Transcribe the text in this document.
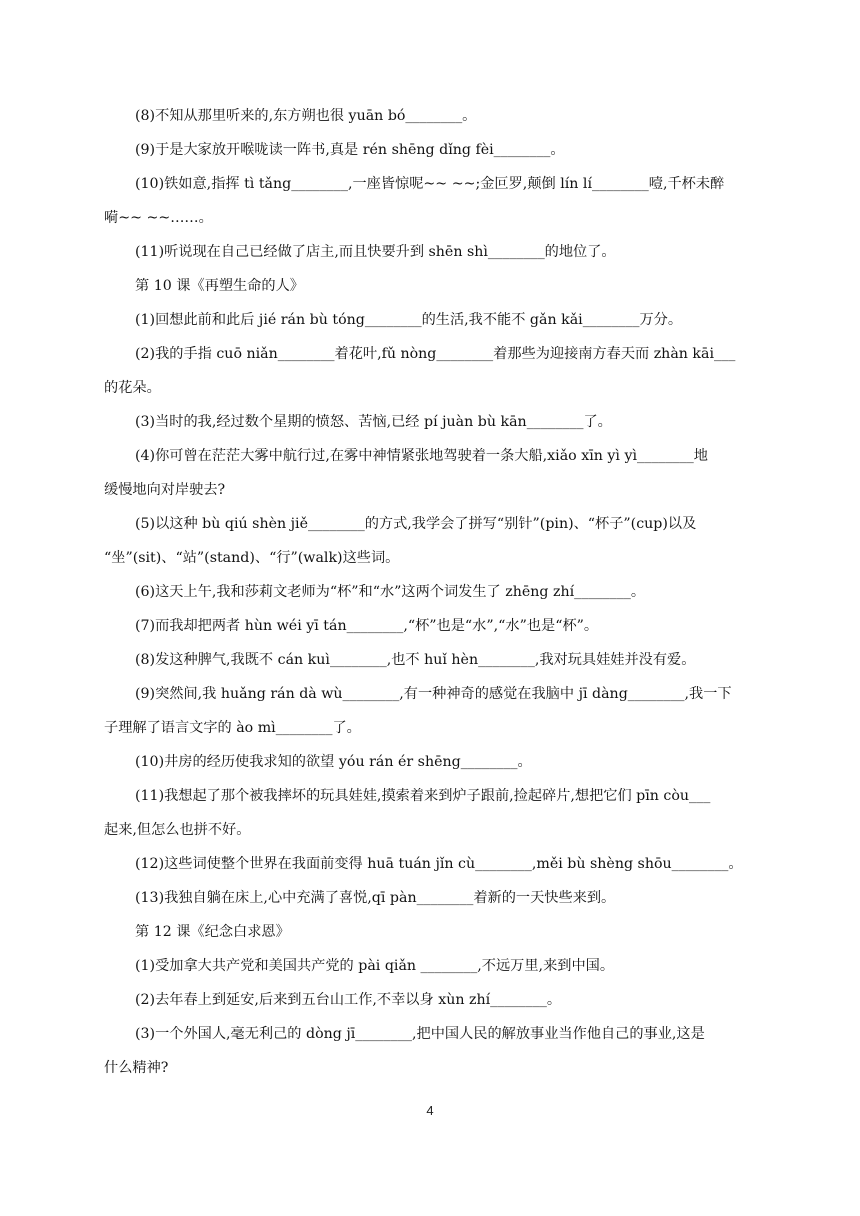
(8)不知从那里听来的,东方朔也很 yuān bó________。
(9)于是大家放开喉咙读一阵书,真是 rén shēng dǐng fèi________。
(10)铁如意,指挥 tì tǎng________,一座皆惊呢~~ ~~;金叵罗,颠倒 lín lí________噎,千杯未醉
嗬~~ ~~……。
(11)听说现在自己已经做了店主,而且快要升到 shēn shì________的地位了。
第 10 课《再塑生命的人》
(1)回想此前和此后 jié rán bù tóng________的生活,我不能不 gǎn kǎi________万分。
(2)我的手指 cuō niǎn________着花叶,fǔ nòng________着那些为迎接南方春天而 zhàn kāi___
的花朵。
(3)当时的我,经过数个星期的愤怒、苦恼,已经 pí juàn bù kān________了。
(4)你可曾在茫茫大雾中航行过,在雾中神情紧张地驾驶着一条大船,xiǎo xīn yì yì________地
缓慢地向对岸驶去?
(5)以这种 bù qiú shèn jiě________的方式,我学会了拼写“别针”(pin)、“杯子”(cup)以及
“坐”(sit)、“站”(stand)、“行”(walk)这些词。
(6)这天上午,我和莎莉文老师为“杯”和“水”这两个词发生了 zhēng zhí________。
(7)而我却把两者 hùn wéi yī tán________,“杯”也是“水”,“水”也是“杯”。
(8)发这种脾气,我既不 cán kuì________,也不 huǐ hèn________,我对玩具娃娃并没有爱。
(9)突然间,我 huǎng rán dà wù________,有一种神奇的感觉在我脑中 jī dàng________,我一下
子理解了语言文字的 ào mì________了。
(10)井房的经历使我求知的欲望 yóu rán ér shēng________。
(11)我想起了那个被我摔坏的玩具娃娃,摸索着来到炉子跟前,捡起碎片,想把它们 pīn còu___
起来,但怎么也拼不好。
(12)这些词使整个世界在我面前变得 huā tuán jǐn cù________,měi bù shèng shōu________。
(13)我独自躺在床上,心中充满了喜悦,qī pàn________着新的一天快些来到。
第 12 课《纪念白求恩》
(1)受加拿大共产党和美国共产党的 pài qiǎn ________,不远万里,来到中国。
(2)去年春上到延安,后来到五台山工作,不幸以身 xùn zhí________。
(3)一个外国人,毫无利己的 dòng jī________,把中国人民的解放事业当作他自己的事业,这是
什么精神?
4
